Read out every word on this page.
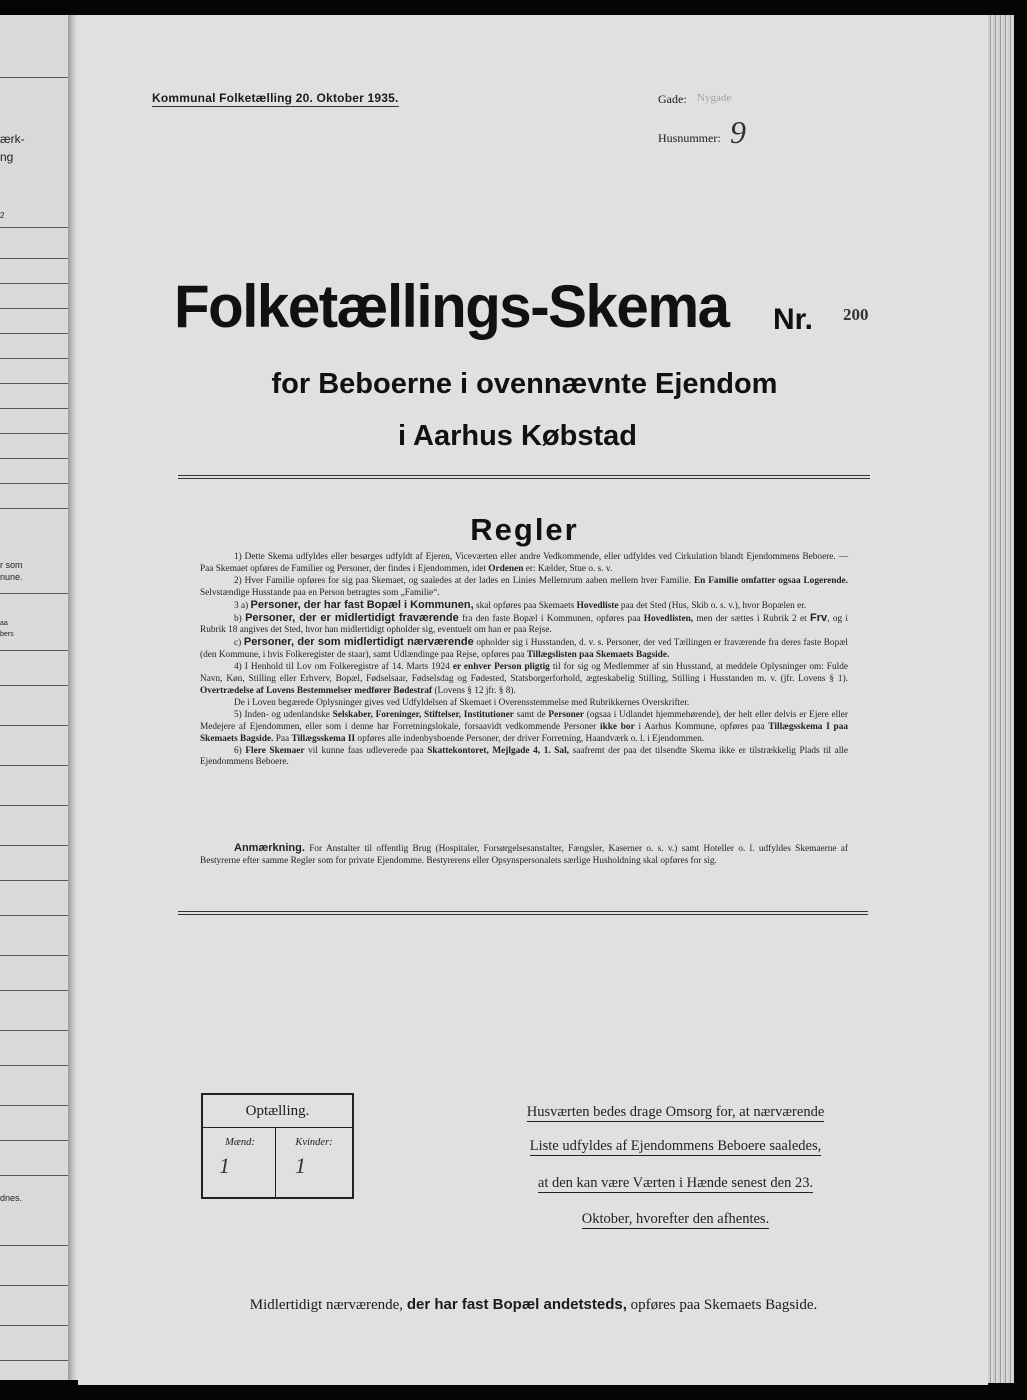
ærk-
ng
2
r som
nune.
aa
bers
dnes.
Kommunal Folketælling 20. Oktober 1935.	Gade: Nygade
Husnummer: 9
Folketællings-Skema Nr. 200
for Beboerne i ovennævnte Ejendom
i Aarhus Købstad
Regler

1) Dette Skema udfyldes eller besørges udfyldt af Ejeren, Viceværten eller andre Vedkommende, eller udfyldes ved Cirkulation blandt Ejendommens Beboere. — Paa Skemaet opføres de Familier og Personer, der findes i Ejendommen, idet Ordenen er: Kælder, Stue o. s. v.

2) Hver Familie opføres for sig paa Skemaet, og saaledes at der lades en Linies Mellemrum aaben mellem hver Familie. En Familie omfatter ogsaa Logerende. Selvstændige Husstande paa en Person betragtes som „Familie“.

3 a) Personer, der har fast Bopæl i Kommunen, skal opføres paa Skemaets Hovedliste paa det Sted (Hus, Skib o. s. v.), hvor Bopælen er.

b) Personer, der er midlertidigt fraværende fra den faste Bopæl i Kommunen, opføres paa Hovedlisten, men der sættes i Rubrik 2 et Frv, og i Rubrik 18 angives det Sted, hvor han midlertidigt opholder sig, eventuelt om han er paa Rejse.

c) Personer, der som midlertidigt nærværende opholder sig i Husstanden, d. v. s. Personer, der ved Tællingen er fraværende fra deres faste Bopæl (den Kommune, i hvis Folkeregister de staar), samt Udlændinge paa Rejse, opføres paa Tillægslisten paa Skemaets Bagside.

4) I Henhold til Lov om Folkeregistre af 14. Marts 1924 er enhver Person pligtig til for sig og Medlemmer af sin Husstand, at meddele Oplysninger om: Fulde Navn, Køn, Stilling eller Erhverv, Bopæl, Fødselsaar, Fødselsdag og Fødested, Statsborgerforhold, ægteskabelig Stilling, Stilling i Husstanden m. v. (jfr. Lovens § 1). Overtrædelse af Lovens Bestemmelser medfører Bødestraf (Lovens § 12 jfr. § 8).

De i Loven begærede Oplysninger gives ved Udfyldelsen af Skemaet i Overensstemmelse med Rubrikkernes Overskrifter.

5) Inden- og udenlandske Selskaber, Foreninger, Stiftelser, Institutioner samt de Personer (ogsaa i Udlandet hjemmehørende), der helt eller delvis er Ejere eller Medejere af Ejendommen, eller som i denne har Forretningslokale, forsaavidt vedkommende Personer ikke bor i Aarhus Kommune, opføres paa Tillægsskema I paa Skemaets Bagside. Paa Tillægsskema II opføres alle indenbysboende Personer, der driver Forretning, Haandværk o. l. i Ejendommen.

6) Flere Skemaer vil kunne faas udleverede paa Skattekontoret, Mejlgade 4, 1. Sal, saafremt der paa det tilsendte Skema ikke er tilstrækkelig Plads til alle Ejendommens Beboere.

Anmærkning. For Anstalter til offentlig Brug (Hospitaler, Forsørgelsesanstalter, Fængsler, Kaserner o. s. v.) samt Hoteller o. l. udfyldes Skemaerne af Bestyrerne efter samme Regler som for private Ejendomme. Bestyrerens eller Opsynspersonalets særlige Husholdning skal opføres for sig.

Optælling.
Mænd:	Kvinder:
1	1
Husværten bedes drage Omsorg for, at nærværende
Liste udfyldes af Ejendommens Beboere saaledes,
at den kan være Værten i Hænde senest den 23.
Oktober, hvorefter den afhentes.
Midlertidigt nærværende, der har fast Bopæl andetsteds, opføres paa Skemaets Bagside.
